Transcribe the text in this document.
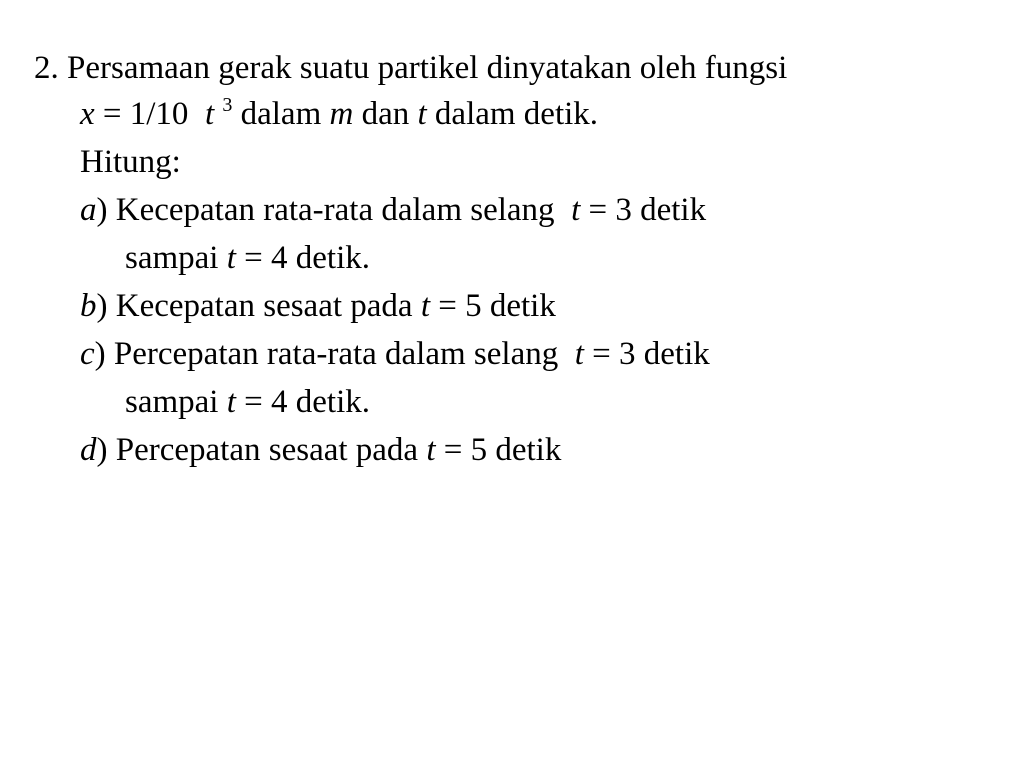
2. Persamaan gerak suatu partikel dinyatakan oleh fungsi
x = 1/10  t $^3$ dalam m dan t dalam detik.
Hitung:
a) Kecepatan rata-rata dalam selang  t = 3 detik
sampai t = 4 detik.
b) Kecepatan sesaat pada t = 5 detik
c) Percepatan rata-rata dalam selang  t = 3 detik
sampai t = 4 detik.
d) Percepatan sesaat pada t = 5 detik
